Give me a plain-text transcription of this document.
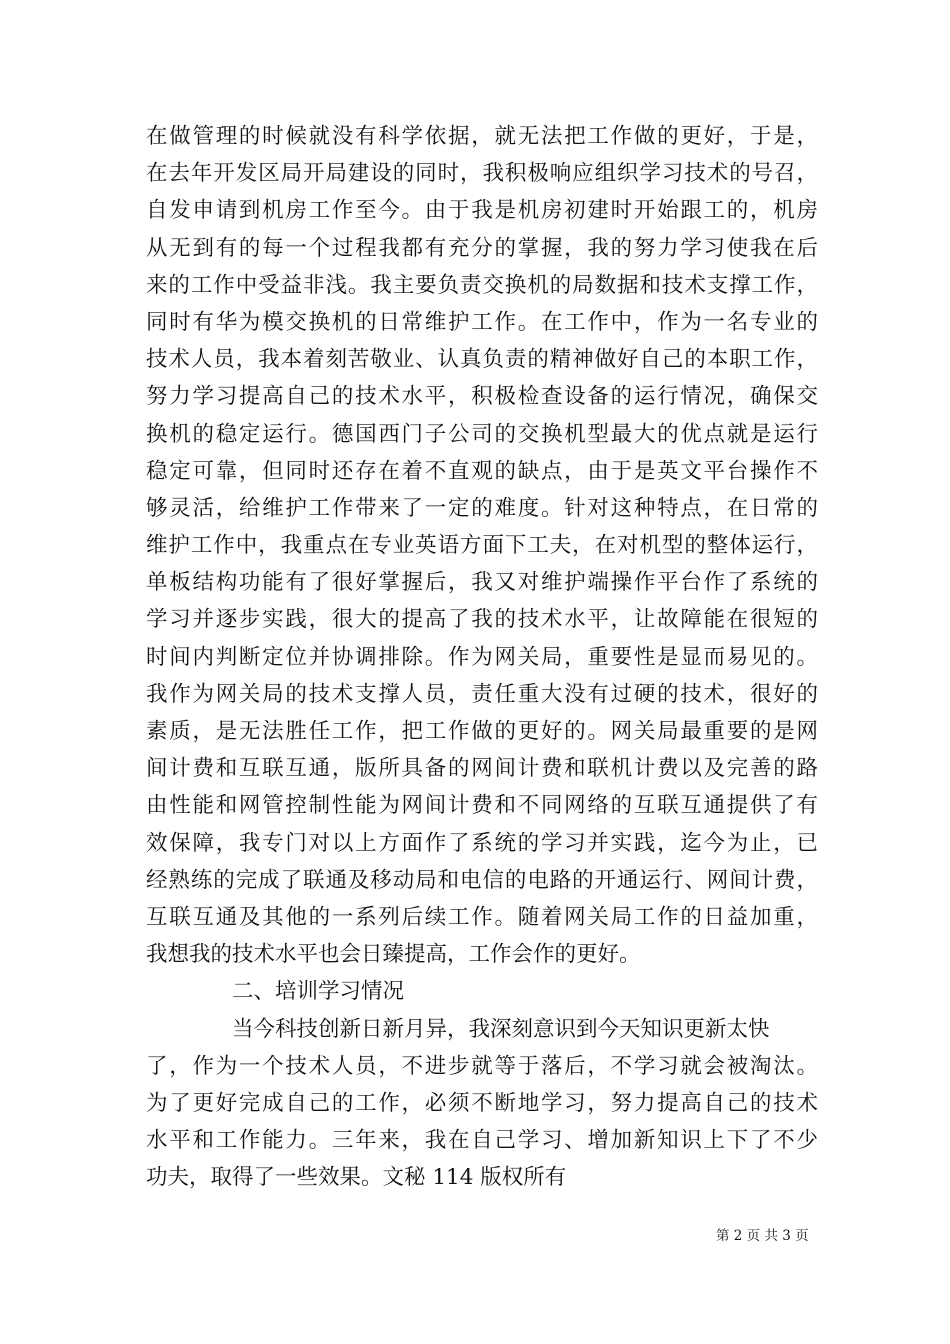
在做管理的时候就没有科学依据，就无法把工作做的更好，于是，
在去年开发区局开局建设的同时，我积极响应组织学习技术的号召，
自发申请到机房工作至今。由于我是机房初建时开始跟工的，机房
从无到有的每一个过程我都有充分的掌握，我的努力学习使我在后
来的工作中受益非浅。我主要负责交换机的局数据和技术支撑工作，
同时有华为模交换机的日常维护工作。在工作中，作为一名专业的
技术人员，我本着刻苦敬业、认真负责的精神做好自己的本职工作，
努力学习提高自己的技术水平，积极检查设备的运行情况，确保交
换机的稳定运行。德国西门子公司的交换机型最大的优点就是运行
稳定可靠，但同时还存在着不直观的缺点，由于是英文平台操作不
够灵活，给维护工作带来了一定的难度。针对这种特点，在日常的
维护工作中，我重点在专业英语方面下工夫，在对机型的整体运行，
单板结构功能有了很好掌握后，我又对维护端操作平台作了系统的
学习并逐步实践，很大的提高了我的技术水平，让故障能在很短的
时间内判断定位并协调排除。作为网关局，重要性是显而易见的。
我作为网关局的技术支撑人员，责任重大没有过硬的技术，很好的
素质，是无法胜任工作，把工作做的更好的。网关局最重要的是网
间计费和互联互通，版所具备的网间计费和联机计费以及完善的路
由性能和网管控制性能为网间计费和不同网络的互联互通提供了有
效保障，我专门对以上方面作了系统的学习并实践，迄今为止，已
经熟练的完成了联通及移动局和电信的电路的开通运行、网间计费，
互联互通及其他的一系列后续工作。随着网关局工作的日益加重，
我想我的技术水平也会日臻提高，工作会作的更好。
二、培训学习情况
当今科技创新日新月异，我深刻意识到今天知识更新太快
了，作为一个技术人员，不进步就等于落后，不学习就会被淘汰。
为了更好完成自己的工作，必须不断地学习，努力提高自己的技术
水平和工作能力。三年来，我在自己学习、增加新知识上下了不少
功夫，取得了一些效果。文秘 114 版权所有
第 2 页 共 3 页
